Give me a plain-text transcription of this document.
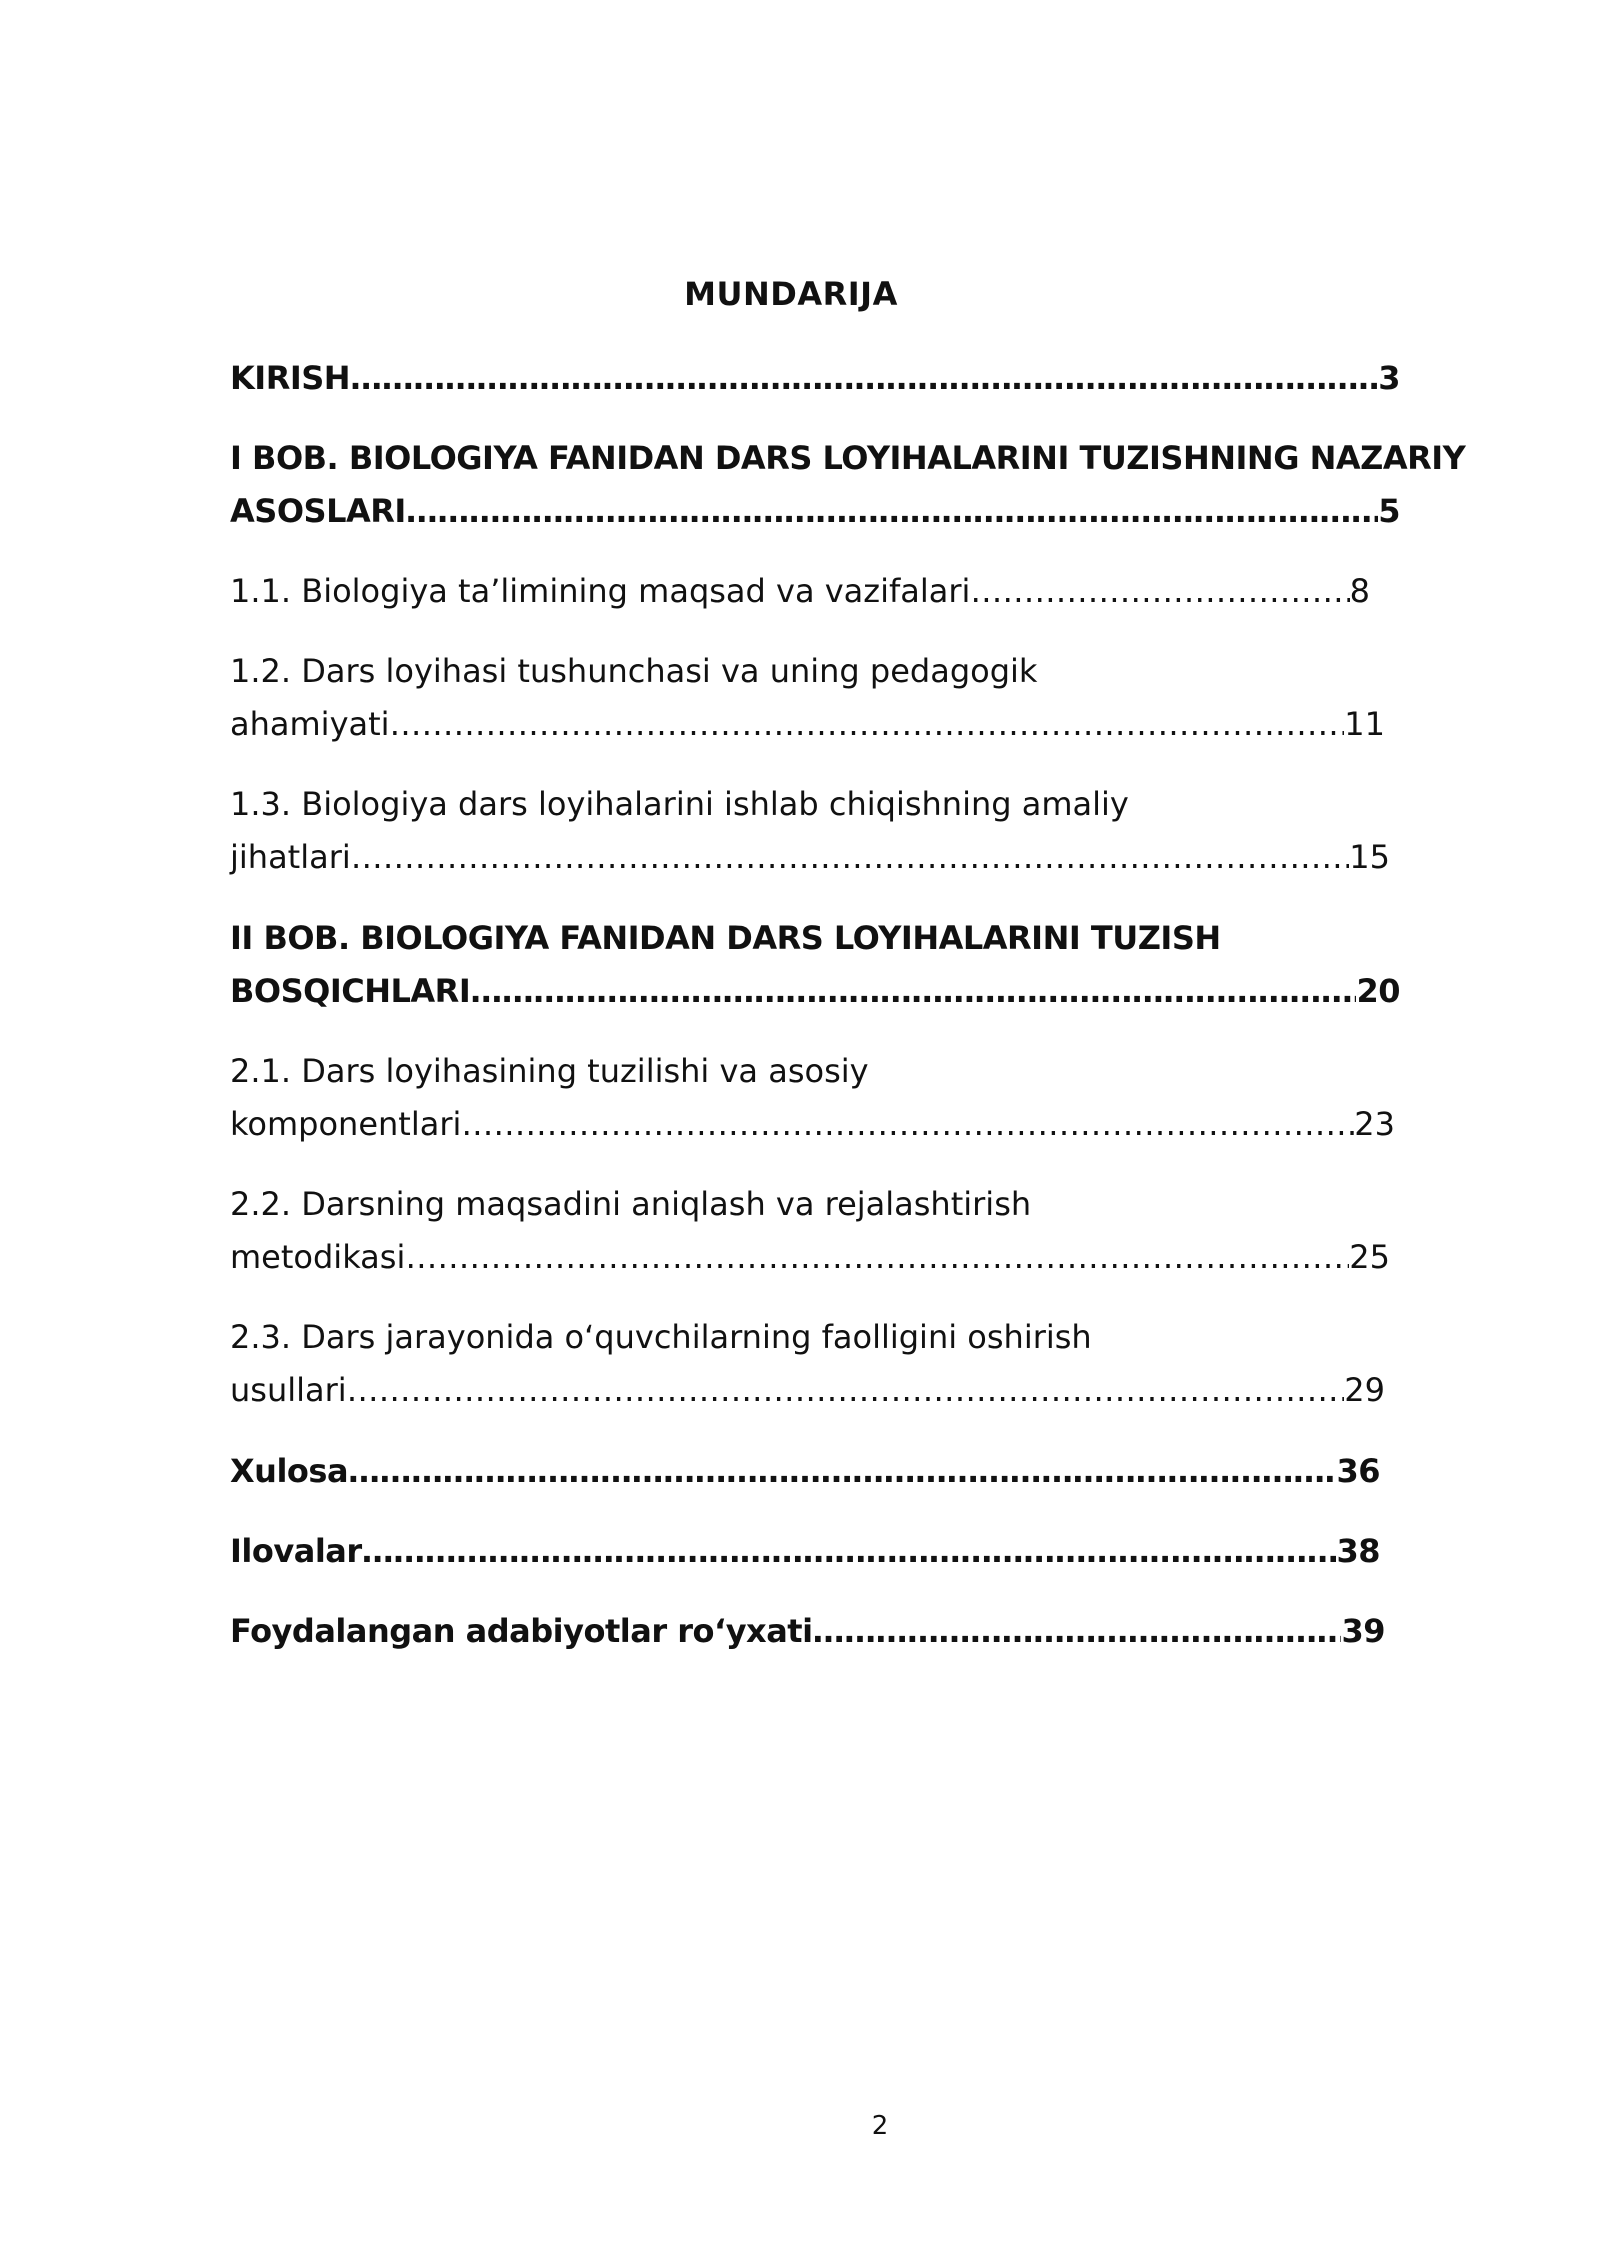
MUNDARIJA
KIRISH ……………………………………………………………………………………………………………………………………………………………………………………………………	3
I BOB. BIOLOGIYA FANIDAN DARS LOYIHALARINI TUZISHNING NAZARIY
ASOSLARI ……………………………………………………………………………………………………………………………………………………………………………………………………	5
1.1. Biologiya ta’limining maqsad va vazifalari ……………………………………………………………………………………………………………………………………………………………………………………………………	8
1.2. Dars loyihasi tushunchasi va uning pedagogik
ahamiyati ……………………………………………………………………………………………………………………………………………………………………………………………………	11
1.3. Biologiya dars loyihalarini ishlab chiqishning amaliy
jihatlari ……………………………………………………………………………………………………………………………………………………………………………………………………	15
II BOB. BIOLOGIYA FANIDAN DARS LOYIHALARINI TUZISH
BOSQICHLARI ……………………………………………………………………………………………………………………………………………………………………………………………………	20
2.1. Dars loyihasining tuzilishi va asosiy
komponentlari ……………………………………………………………………………………………………………………………………………………………………………………………………	23
2.2. Darsning maqsadini aniqlash va rejalashtirish
metodikasi ……………………………………………………………………………………………………………………………………………………………………………………………………	25
2.3. Dars jarayonida o‘quvchilarning faolligini oshirish
usullari ……………………………………………………………………………………………………………………………………………………………………………………………………	29
Xulosa ……………………………………………………………………………………………………………………………………………………………………………………………………	36
Ilovalar ……………………………………………………………………………………………………………………………………………………………………………………………………	38
Foydalangan adabiyotlar ro‘yxati ……………………………………………………………………………………………………………………………………………………………………………………………………	39
2
